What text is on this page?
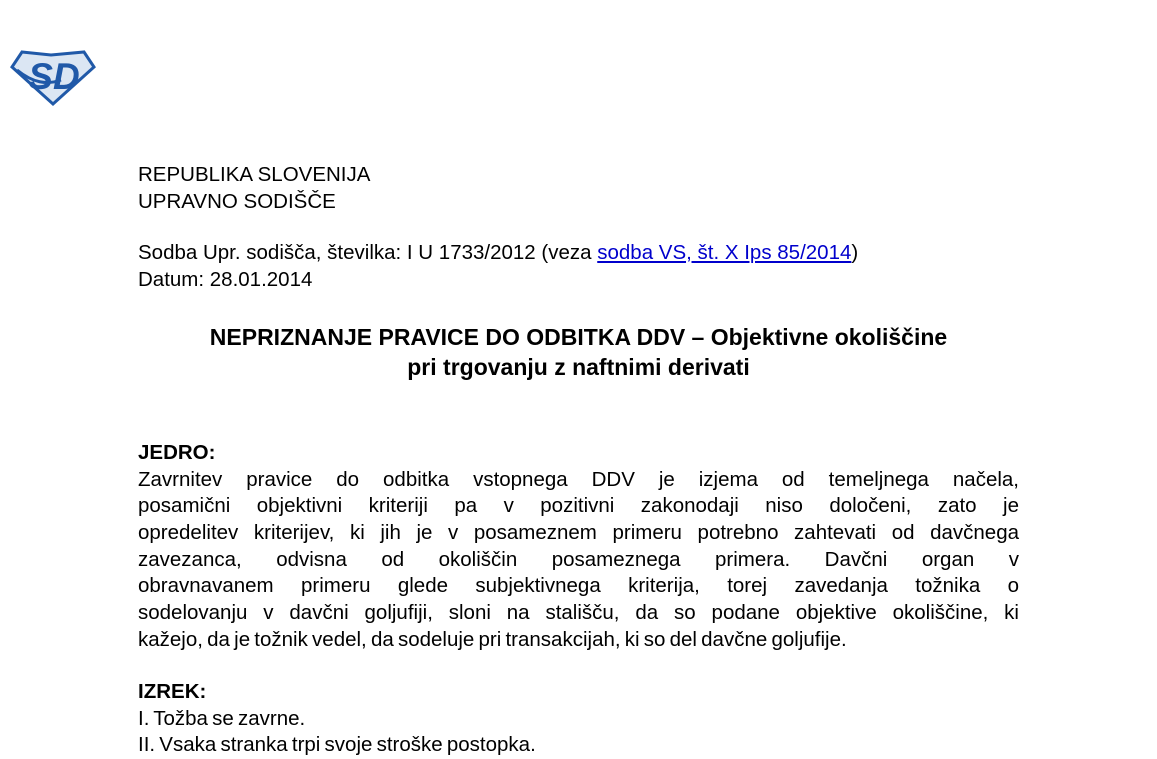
SD
REPUBLIKA SLOVENIJA
UPRAVNO SODIŠČE
Sodba Upr. sodišča, številka: I U 1733/2012 (veza sodba VS, št. X Ips 85/2014)
Datum: 28.01.2014
NEPRIZNANJE PRAVICE DO ODBITKA DDV – Objektivne okoliščine
pri trgovanju z naftnimi derivati
JEDRO:
Zavrnitev pravice do odbitka vstopnega DDV je izjema od temeljnega načela,
posamični objektivni kriteriji pa v pozitivni zakonodaji niso določeni, zato je
opredelitev kriterijev, ki jih je v posameznem primeru potrebno zahtevati od davčnega
zavezanca, odvisna od okoliščin posameznega primera. Davčni organ v
obravnavanem primeru glede subjektivnega kriterija, torej zavedanja tožnika o
sodelovanju v davčni goljufiji, sloni na stališču, da so podane objektive okoliščine, ki
kažejo, da je tožnik vedel, da sodeluje pri transakcijah, ki so del davčne goljufije.
IZREK:
I. Tožba se zavrne.
II. Vsaka stranka trpi svoje stroške postopka.
